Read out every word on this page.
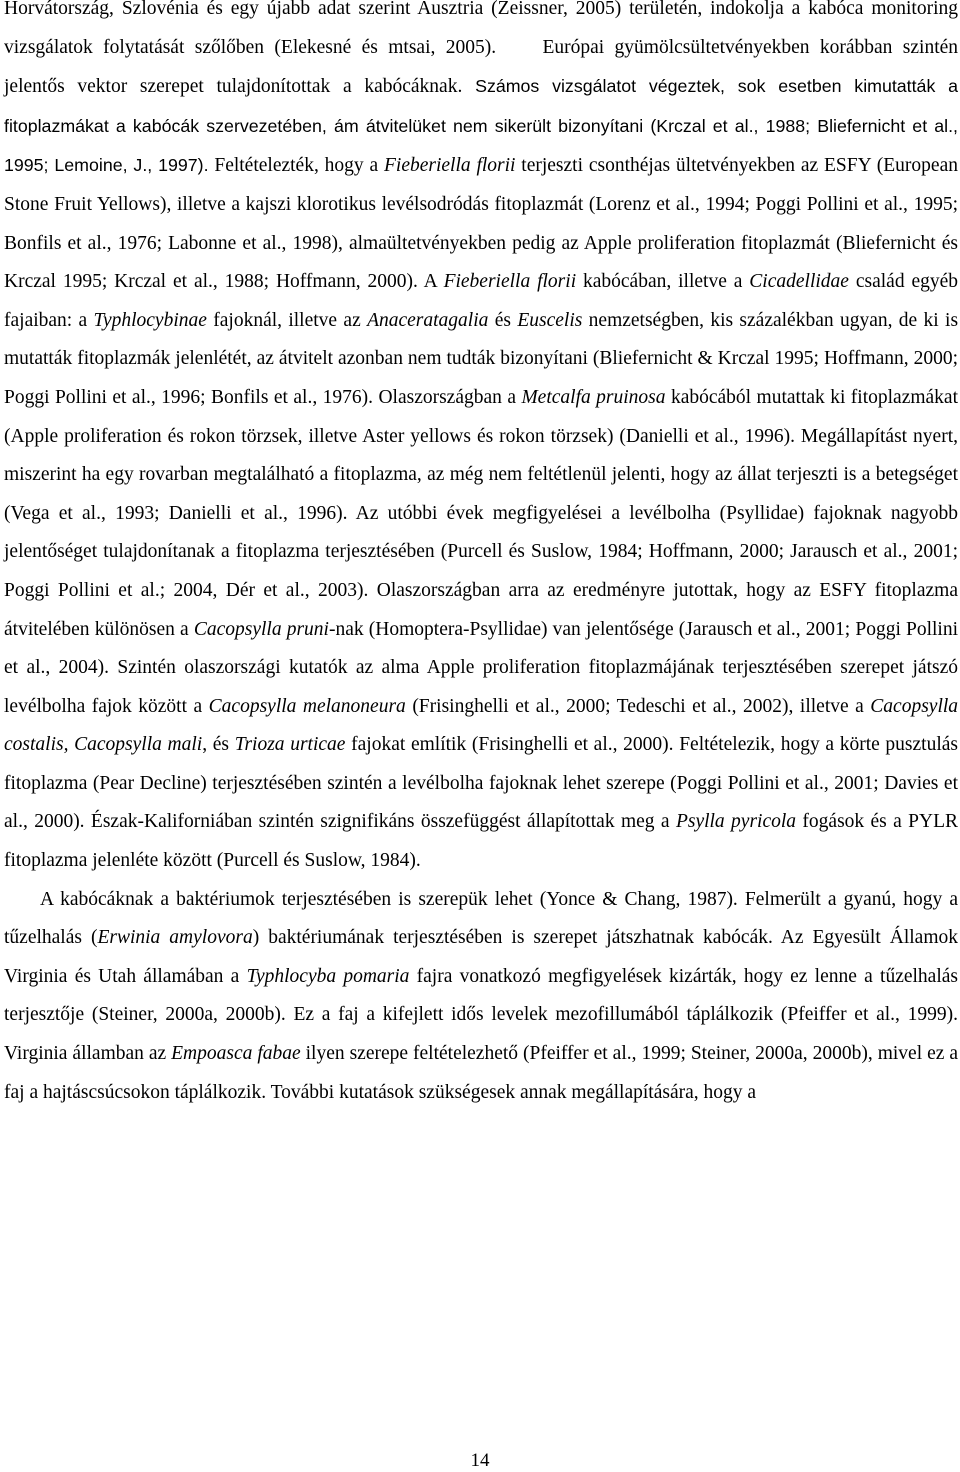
Horvátország, Szlovénia és egy újabb adat szerint Ausztria (Zeissner, 2005) területén, indokolja a kabóca monitoring vizsgálatok folytatását szőlőben (Elekesné és mtsai, 2005). Európai gyümölcsültetvényekben korábban szintén jelentős vektor szerepet tulajdonítottak a kabócáknak. Számos vizsgálatot végeztek, sok esetben kimutatták a fitoplazmákat a kabócák szervezetében, ám átvitelüket nem sikerült bizonyítani (Krczal et al., 1988; Bliefernicht et al., 1995; Lemoine, J., 1997). Feltételezték, hogy a Fieberiella florii terjeszti csonthéjas ültetvényekben az ESFY (European Stone Fruit Yellows), illetve a kajszi klorotikus levélsodródás fitoplazmát (Lorenz et al., 1994; Poggi Pollini et al., 1995; Bonfils et al., 1976; Labonne et al., 1998), almaültetvényekben pedig az Apple proliferation fitoplazmát (Bliefernicht és Krczal 1995; Krczal et al., 1988; Hoffmann, 2000). A Fieberiella florii kabócában, illetve a Cicadellidae család egyéb fajaiban: a Typhlocybinae fajoknál, illetve az Anaceratagalia és Euscelis nemzetségben, kis százalékban ugyan, de ki is mutatták fitoplazmák jelenlétét, az átvitelt azonban nem tudták bizonyítani (Bliefernicht & Krczal 1995; Hoffmann, 2000; Poggi Pollini et al., 1996; Bonfils et al., 1976). Olaszországban a Metcalfa pruinosa kabócából mutattak ki fitoplazmákat (Apple proliferation és rokon törzsek, illetve Aster yellows és rokon törzsek) (Danielli et al., 1996). Megállapítást nyert, miszerint ha egy rovarban megtalálható a fitoplazma, az még nem feltétlenül jelenti, hogy az állat terjeszti is a betegséget (Vega et al., 1993; Danielli et al., 1996). Az utóbbi évek megfigyelései a levélbolha (Psyllidae) fajoknak nagyobb jelentőséget tulajdonítanak a fitoplazma terjesztésében (Purcell és Suslow, 1984; Hoffmann, 2000; Jarausch et al., 2001; Poggi Pollini et al.; 2004, Dér et al., 2003). Olaszországban arra az eredményre jutottak, hogy az ESFY fitoplazma átvitelében különösen a Cacopsylla pruni-nak (Homoptera-Psyllidae) van jelentősége (Jarausch et al., 2001; Poggi Pollini et al., 2004). Szintén olaszországi kutatók az alma Apple proliferation fitoplazmájának terjesztésében szerepet játszó levélbolha fajok között a Cacopsylla melanoneura (Frisinghelli et al., 2000; Tedeschi et al., 2002), illetve a Cacopsylla costalis, Cacopsylla mali, és Trioza urticae fajokat említik (Frisinghelli et al., 2000). Feltételezik, hogy a körte pusztulás fitoplazma (Pear Decline) terjesztésében szintén a levélbolha fajoknak lehet szerepe (Poggi Pollini et al., 2001; Davies et al., 2000). Észak-Kaliforniában szintén szignifikáns összefüggést állapítottak meg a Psylla pyricola fogások és a PYLR fitoplazma jelenléte között (Purcell és Suslow, 1984).

A kabócáknak a baktériumok terjesztésében is szerepük lehet (Yonce & Chang, 1987). Felmerült a gyanú, hogy a tűzelhalás (Erwinia amylovora) baktériumának terjesztésében is szerepet játszhatnak kabócák. Az Egyesült Államok Virginia és Utah államában a Typhlocyba pomaria fajra vonatkozó megfigyelések kizárták, hogy ez lenne a tűzelhalás terjesztője (Steiner, 2000a, 2000b). Ez a faj a kifejlett idős levelek mezofillumából táplálkozik (Pfeiffer et al., 1999). Virginia államban az Empoasca fabae ilyen szerepe feltételezhető (Pfeiffer et al., 1999; Steiner, 2000a, 2000b), mivel ez a faj a hajtáscsúcsokon táplálkozik. További kutatások szükségesek annak megállapítására, hogy a

14
